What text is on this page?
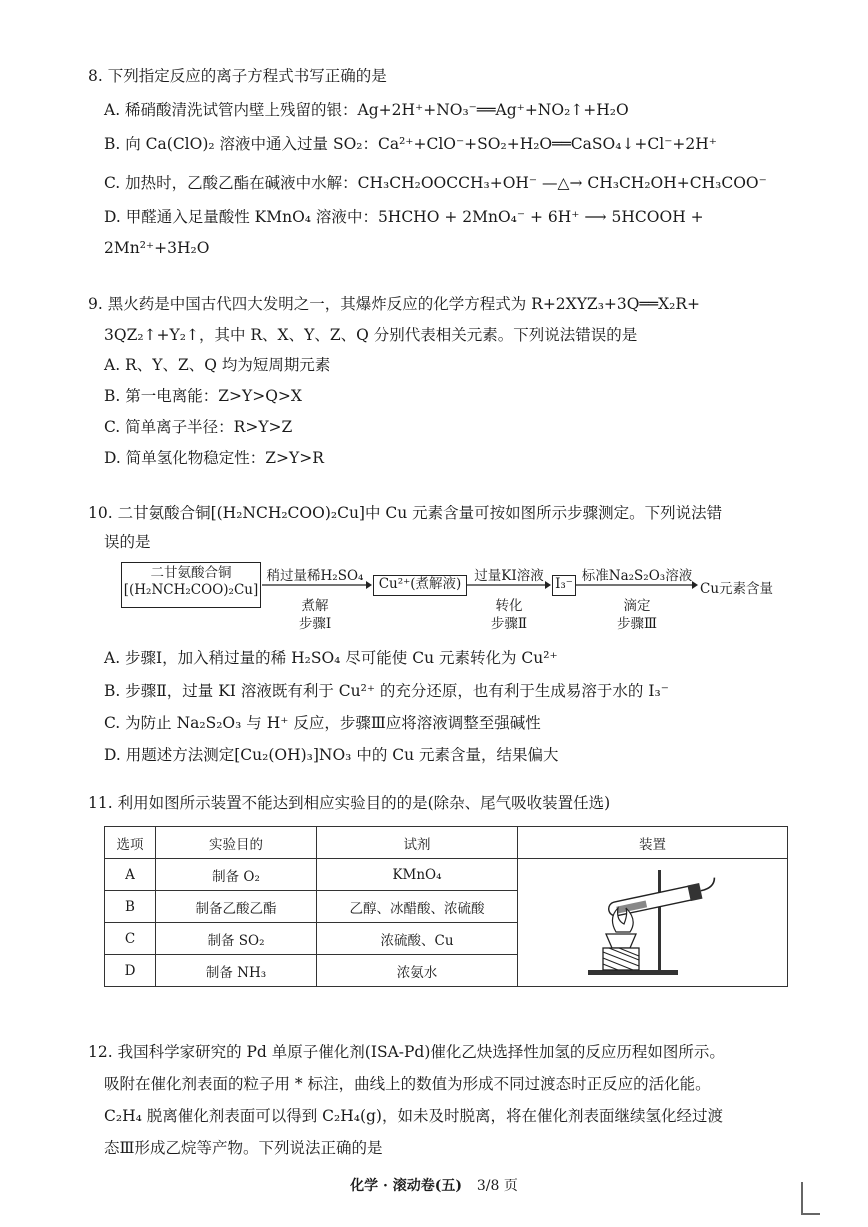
8. 下列指定反应的离子方程式书写正确的是
A. 稀硝酸清洗试管内壁上残留的银：Ag+2H⁺+NO₃⁻══Ag⁺+NO₂↑+H₂O
B. 向 Ca(ClO)₂ 溶液中通入过量 SO₂：Ca²⁺+ClO⁻+SO₂+H₂O══CaSO₄↓+Cl⁻+2H⁺
C. 加热时，乙酸乙酯在碱液中水解：CH₃CH₂OOCCH₃+OH⁻ —△→ CH₃CH₂OH+CH₃COO⁻
D. 甲醛通入足量酸性 KMnO₄ 溶液中：5HCHO + 2MnO₄⁻ + 6H⁺ ⟶ 5HCOOH +
2Mn²⁺+3H₂O
9. 黑火药是中国古代四大发明之一，其爆炸反应的化学方程式为 R+2XYZ₃+3Q══X₂R+
3QZ₂↑+Y₂↑，其中 R、X、Y、Z、Q 分别代表相关元素。下列说法错误的是
A. R、Y、Z、Q 均为短周期元素
B. 第一电离能：Z>Y>Q>X
C. 简单离子半径：R>Y>Z
D. 简单氢化物稳定性：Z>Y>R
10. 二甘氨酸合铜[(H₂NCH₂COO)₂Cu]中 Cu 元素含量可按如图所示步骤测定。下列说法错
误的是
二甘氨酸合铜
[(H₂NCH₂COO)₂Cu]
稍过量稀H₂SO₄
煮解
步骤Ⅰ
Cu²⁺(煮解液) 过量KI溶液
转化
步骤Ⅱ
I₃⁻ 标准Na₂S₂O₃溶液
滴定
步骤Ⅲ
Cu元素含量
A. 步骤Ⅰ，加入稍过量的稀 H₂SO₄ 尽可能使 Cu 元素转化为 Cu²⁺
B. 步骤Ⅱ，过量 KI 溶液既有利于 Cu²⁺ 的充分还原，也有利于生成易溶于水的 I₃⁻
C. 为防止 Na₂S₂O₃ 与 H⁺ 反应，步骤Ⅲ应将溶液调整至强碱性
D. 用题述方法测定[Cu₂(OH)₃]NO₃ 中的 Cu 元素含量，结果偏大
11. 利用如图所示装置不能达到相应实验目的的是(除杂、尾气吸收装置任选)
选项	实验目的	试剂	装置
A	制备 O₂	KMnO₄	
B	制备乙酸乙酯	乙醇、冰醋酸、浓硫酸	
C	制备 SO₂	浓硫酸、Cu	
D	制备 NH₃	浓氨水	
12. 我国科学家研究的 Pd 单原子催化剂(ISA-Pd)催化乙炔选择性加氢的反应历程如图所示。
吸附在催化剂表面的粒子用 * 标注，曲线上的数值为形成不同过渡态时正反应的活化能。
C₂H₄ 脱离催化剂表面可以得到 C₂H₄(g)，如未及时脱离，将在催化剂表面继续氢化经过渡
态Ⅲ形成乙烷等产物。下列说法正确的是
化学 · 滚动卷(五) 3/8 页
